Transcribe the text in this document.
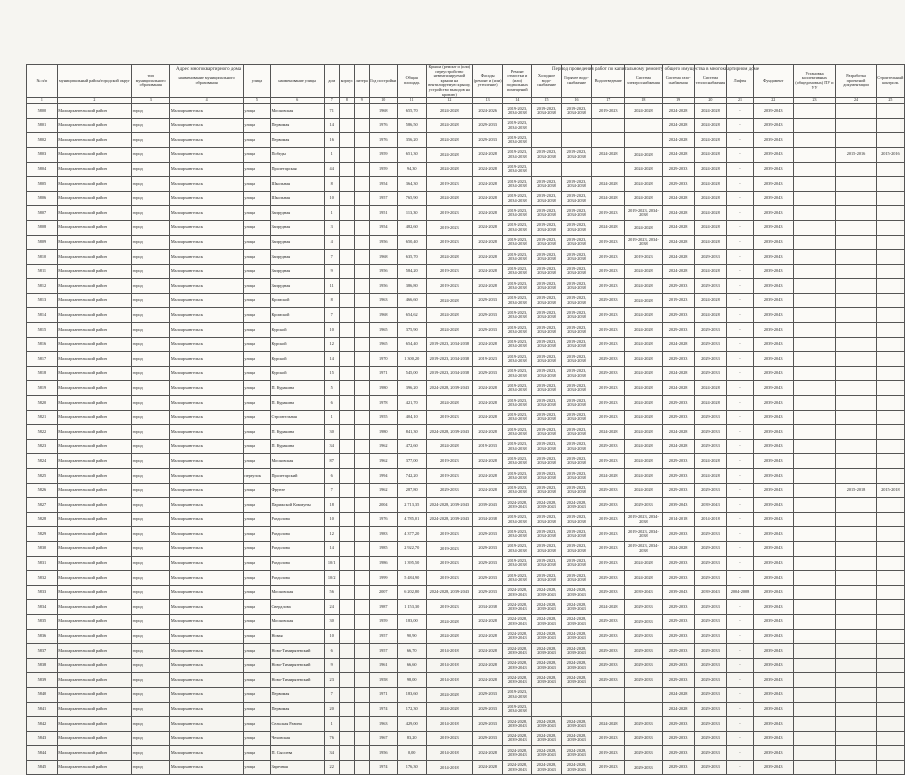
Адрес многоквартирного дома	Период проведения работ по капитальному ремонту общего имущества в многоквартирном доме
№ п/п	муниципальный район/городской округ	тип муниципального образования	наименование муниципального образования	улица	наименование улицы	дом	корпус	литера	Год постройки	Общая площадь	Крыша (ремонт и (или) переустройство невентилируемой крыши на вентилируемую крышу, устройство выходов на кровлю)	Фасады (ремонт и (или) утепление)	Ремонт отмостки и (или) подвальных помещений	Холодное водо-снабжение	Горячее водо-снабжение	Водоотведение	Система электроснабжения	Система газо-снабжения	Система теплоснабжения	Лифты	Фундамент	Установка коллективных (общедомовых) ПУ и УУ	Разработка проектной документации	Строительный контроль
1	2	3	4	5	6	7	8	9	10	11	12	13	14	15	16	17	18	19	20	21	22	23	24	25
5800	Малоархангельский район	город	Малоархангельск	улица	Московская	71			1968	655,70	2024-2028	2024-2026	2019-2023, 2034-2038	2019-2023, 2034-2038	2019-2023, 2034-2038	2019-2023	2024-2028	2024-2028	2024-2028	-	2039-2043			
5801	Малоархангельский район	город	Малоархангельск	улица	Первомая	14			1976	586,50	2024-2028	2029-2033	2019-2023, 2034-2038					2024-2028	2024-2028	-	2039-2043			
5802	Малоархангельский район	город	Малоархангельск	улица	Первомая	16			1976	356,20	2024-2028	2029-2033	2019-2023, 2034-2038					2024-2028	2024-2028	-	2039-2043			
5803	Малоархангельский район	город	Малоархангельск	улица	Победы	1			1959	651,30	2024-2028	2024-2028	2019-2023, 2034-2038	2019-2023, 2034-2038	2019-2023, 2034-2038	2024-2028	2024-2028	2024-2028	2024-2028	-	2039-2043		2015-2016	2015-2016
5804	Малоархангельский район	город	Малоархангельск	улица	Пролетарская	44			1959	94,30	2024-2028	2024-2028	2019-2023, 2034-2038				2024-2028	2029-2033	2024-2028	-	2039-2043			
5805	Малоархангельский район	город	Малоархангельск	улица	Школьная	8			1954	364,30	2019-2023	2024-2028	2019-2023, 2034-2038	2019-2023, 2034-2038	2019-2023, 2034-2038	2024-2028	2024-2028	2029-2033	2024-2028	-	2039-2043			
5806	Малоархангельский район	город	Малоархангельск	улица	Школьная	10			1957	765,90	2024-2028	2024-2028	2019-2023, 2034-2038	2019-2023, 2034-2038	2019-2023, 2034-2038	2024-2028	2024-2028	2024-2028	2024-2028	-	2039-2043			
5807	Малоархангельский район	город	Малоархангельск	улица	Запрудная	1			1951	113,30	2019-2023	2024-2028	2019-2023, 2034-2038	2019-2023, 2034-2038	2019-2023, 2034-2038	2019-2023	2019-2023, 2034-2038	2024-2028	2024-2028	-	2039-2043			
5808	Малоархангельский район	город	Малоархангельск	улица	Запрудная	3			1954	482,60	2019-2023	2024-2028	2019-2023, 2034-2038	2019-2023, 2034-2038	2019-2023, 2034-2038	2024-2028	2024-2028	2024-2028	2024-2028	-	2039-2043			
5809	Малоархангельский район	город	Малоархангельск	улица	Запрудная	4			1956	650,40	2019-2023	2024-2028	2019-2023, 2034-2038	2019-2023, 2034-2038	2019-2023, 2034-2038	2019-2023	2019-2023, 2034-2038	2024-2028	2024-2028	-	2039-2043			
5810	Малоархангельский район	город	Малоархангельск	улица	Запрудная	7			1968	635,70	2024-2028	2024-2028	2019-2023, 2034-2038	2019-2023, 2034-2038	2019-2023, 2034-2038	2019-2023	2019-2023	2024-2028	2029-2033	-	2039-2043			
5811	Малоархангельский район	город	Малоархангельск	улица	Запрудная	9			1956	584,20	2019-2023	2024-2028	2019-2023, 2034-2038	2019-2023, 2034-2038	2019-2023, 2034-2038	2019-2023	2024-2028	2024-2028	2024-2028	-	2039-2043			
5812	Малоархангельский район	город	Малоархангельск	улица	Запрудная	11			1956	386,80	2019-2023	2024-2028	2019-2023, 2034-2038	2019-2023, 2034-2038	2019-2023, 2034-2038	2019-2023	2024-2028	2029-2033	2029-2033	-	2039-2043			
5813	Малоархангельский район	город	Малоархангельск	улица	Кромской	8			1963	466,60	2024-2028	2029-2033	2019-2023, 2034-2038	2019-2023, 2034-2038	2019-2023, 2034-2038	2029-2033	2024-2028	2019-2023	2024-2028	-	2039-2043			
5814	Малоархангельский район	город	Малоархангельск	улица	Кромской	7			1968	654,62	2024-2028	2029-2033	2019-2023, 2034-2038	2019-2023, 2034-2038	2019-2023, 2034-2038	2019-2023	2024-2028	2029-2033	2024-2028	-	2039-2043			
5815	Малоархангельский район	город	Малоархангельск	улица	Курской	10			1965	375,90	2024-2028	2029-2033	2019-2023, 2034-2038	2019-2023, 2034-2038	2019-2023, 2034-2038	2019-2023	2024-2028	2029-2033	2029-2033	-	2039-2043			
5816	Малоархангельский район	город	Малоархангельск	улица	Курской	12			1965	654,40	2019-2023, 2034-2038	2024-2028	2019-2023, 2034-2038	2019-2023, 2034-2038	2019-2023, 2034-2038	2019-2023	2024-2028	2024-2028	2029-2033	-	2039-2043			
5817	Малоархангельский район	город	Малоархангельск	улица	Курской	14			1970	1 300,20	2019-2023, 2034-2038	2019-2023	2019-2023, 2034-2038	2019-2023, 2034-2038	2019-2023, 2034-2038	2029-2033	2024-2028	2029-2033	2029-2033	-	2039-2043			
5818	Малоархангельский район	город	Малоархангельск	улица	Курской	15			1971	545,00	2019-2023, 2034-2038	2029-2033	2019-2023, 2034-2038	2019-2023, 2034-2038	2019-2023, 2034-2038	2029-2033	2024-2028	2024-2028	2029-2033	-	2039-2043			
5819	Малоархангельский район	город	Малоархангельск	улица	П. Куракина	5			1980	396,20	2024-2028, 2039-2043	2024-2028	2019-2023, 2034-2038	2019-2023, 2034-2038	2019-2023, 2034-2038	2019-2023	2024-2028	2024-2028	2024-2028	-	2039-2043			
5820	Малоархангельский район	город	Малоархангельск	улица	П. Куракина	6			1978	421,70	2024-2028	2024-2028	2019-2023, 2034-2038	2019-2023, 2034-2038	2019-2023, 2034-2038	2019-2023	2024-2028	2029-2033	2024-2028	-	2039-2043			
5821	Малоархангельский район	город	Малоархангельск	улица	Строительная	1			1955	404,10	2019-2023	2024-2028	2019-2023, 2034-2038	2019-2023, 2034-2038	2019-2023, 2034-2038	2019-2023	2024-2028	2029-2033	2029-2033	-	2039-2043			
5822	Малоархангельский район	город	Малоархангельск	улица	П. Куракина	30			1980	841,30	2024-2028, 2039-2043	2024-2028	2019-2023, 2034-2038	2019-2023, 2034-2038	2019-2023, 2034-2038	2024-2028	2024-2028	2024-2028	2029-2033	-	2039-2043			
5823	Малоархангельский район	город	Малоархангельск	улица	П. Куракина	34			1962	472,60	2024-2028	2019-2033	2019-2023, 2034-2038	2019-2023, 2034-2038	2019-2023, 2034-2038	2029-2033	2024-2028	2024-2028	2029-2033	-	2039-2043			
5824	Малоархангельский район	город	Малоархангельск	улица	Московская	87			1962	377,00	2019-2023	2024-2028	2019-2023, 2034-2038	2019-2023, 2034-2038	2019-2023, 2034-2038	2019-2023	2024-2028	2029-2033	2024-2028	-	2039-2043			
5825	Малоархангельский район	город	Малоархангельск	переулок	Пролетарский	6			1994	742,20	2019-2023	2024-2028	2019-2023, 2034-2038	2019-2023, 2034-2038	2019-2023, 2034-2038	2024-2028	2024-2028	2029-2033	2024-2028	-	2039-2043			
5826	Малоархангельский район	город	Малоархангельск	улица	Фрунзе	7			1962	287,80	2029-2033	2024-2028	2019-2023, 2034-2038	2019-2023, 2034-2038	2019-2023, 2034-2038	2029-2033	2024-2028	2029-2033	2029-2033	-	2039-2043		2015-2018	2015-2018
5827	Малоархангельский район	город	Малоархангельск	улица	Парижской Коммуны	18			2004	2 713,35	2024-2028, 2039-2043	2039-2043	2024-2028, 2039-2043	2024-2028, 2039-2043	2024-2028, 2039-2043	2029-2033	2029-2033	2039-2043	2039-2043	-	2039-2043			
5828	Малоархангельский район	город	Малоархангельск	улица	Раздолова	10			1976	4 785,01	2024-2028, 2039-2043	2034-2038	2019-2023, 2034-2038	2019-2023, 2034-2038	2019-2023, 2034-2038	2019-2023	2019-2023, 2034-2038	2014-2018	2014-2018	-	2039-2043			
5829	Малоархангельский район	город	Малоархангельск	улица	Раздолова	12			1983	4 377,20	2019-2023	2029-2033	2019-2023, 2034-2038	2019-2023, 2034-2038	2019-2023, 2034-2038	2019-2023	2019-2023, 2034-2038	2029-2033	2029-2033	-	2039-2043			
5830	Малоархангельский район	город	Малоархангельск	улица	Раздолова	14			1985	2 922,70	2019-2023	2029-2033	2019-2023, 2034-2038	2019-2023, 2034-2038	2019-2023, 2034-2038	2019-2023	2019-2023, 2034-2038	2024-2028	2029-2033	-	2039-2043			
5831	Малоархангельский район	город	Малоархангельск	улица	Раздолова	10/1			1986	1 395,50	2019-2023	2029-2033	2019-2023, 2034-2038	2019-2023, 2034-2038	2019-2023, 2034-2038	2019-2023	2024-2028	2029-2033	2029-2033	-	2039-2043			
5832	Малоархангельский район	город	Малоархангельск	улица	Раздолова	10/2			1999	5 484,90	2019-2023	2029-2033	2019-2023, 2034-2038	2019-2023, 2034-2038	2019-2023, 2034-2038	2029-2033	2024-2028	2029-2033	2029-2033	-	2039-2043			
5833	Малоархангельский район	город	Малоархангельск	улица	Московская	56			2007	6 202,80	2024-2028, 2039-2043	2029-2033	2024-2028, 2039-2043	2024-2028, 2039-2043	2024-2028, 2039-2043	2029-2033	2039-2043	2039-2043	2039-2043	2004-2008	2039-2043			
5834	Малоархангельский район	город	Малоархангельск	улица	Свердлова	24			1987	1 153,30	2019-2023	2034-2038	2024-2028, 2039-2043	2024-2028, 2039-2043	2024-2028, 2039-2043	2024-2028	2029-2033	2029-2033	2029-2033	-	2039-2043			
5835	Малоархангельский район	город	Малоархангельск	улица	Московская	30			1959	183,00	2024-2028	2024-2028	2024-2028, 2039-2043	2024-2028, 2039-2043	2024-2028, 2039-2043	2029-2033	2029-2033	2029-2033	2029-2033	-	2039-2043			
5836	Малоархангельский район	город	Малоархангельск	улица	Новая	10			1957	90,90	2024-2028	2024-2028	2024-2028, 2039-2043	2024-2028, 2039-2043	2024-2028, 2039-2043	2029-2033	2029-2033	2029-2033	2029-2033	-	2039-2043			
5837	Малоархангельский район	город	Малоархангельск	улица	Ново-Тимирязевский	6			1957	66,70	2014-2018	2024-2028	2024-2028, 2039-2043	2024-2028, 2039-2043	2024-2028, 2039-2043	2029-2033	2029-2033	2029-2033	2029-2033	-	2039-2043			
5838	Малоархангельский район	город	Малоархангельск	улица	Ново-Тимирязевский	9			1961	66,60	2014-2018	2024-2028	2024-2028, 2039-2043	2024-2028, 2039-2043	2024-2028, 2039-2043	2029-2033	2029-2033	2029-2033	2029-2033	-	2039-2043			
5839	Малоархангельский район	город	Малоархангельск	улица	Ново-Тимирязевский	23			1958	98,00	2014-2018	2024-2028	2024-2028, 2039-2043	2024-2028, 2039-2043	2024-2028, 2039-2043	2029-2033	2029-2033	2029-2033	2029-2033	-	2039-2043			
5840	Малоархангельский район	город	Малоархангельск	улица	Первомая	7			1971	183,60	2024-2028	2029-2033	2019-2023, 2034-2038					2024-2028	2029-2033	-	2039-2043			
5841	Малоархангельский район	город	Малоархангельск	улица	Первомая	20			1974	172,30	2024-2028	2029-2033	2019-2023, 2034-2038					2024-2028	2029-2033	-	2039-2043			
5842	Малоархангельский район	город	Малоархангельск	улица	Сельская Разина	1			1963	429,00	2014-2018	2029-2033	2024-2028, 2039-2043	2024-2028, 2039-2043	2024-2028, 2039-2043	2024-2028	2029-2033	2029-2033	2029-2033	-	2039-2043			
5843	Малоархангельский район	город	Малоархангельск	улица	Чеховская	76			1967	83,20	2019-2023	2029-2033	2024-2028, 2039-2043	2024-2028, 2039-2043	2024-2028, 2039-2043	2019-2023	2029-2033	2029-2033	2029-2033	-	2039-2043			
5844	Малоархангельский район	город	Малоархангельск	улица	П. Сысоева	34			1956	0,00	2014-2018	2024-2028	2024-2028, 2039-2043	2024-2028, 2039-2043	2024-2028, 2039-2043	2019-2023	2029-2033	2029-2033	2029-2033	-	2039-2043			
5845	Малоархангельский район	город	Малоархангельск	улица	Заречная	22			1974	176,30	2014-2018	2024-2028	2024-2028, 2039-2043	2024-2028, 2039-2043	2024-2028, 2039-2043	2019-2023	2029-2033	2029-2033	2029-2033	-	2039-2043			
